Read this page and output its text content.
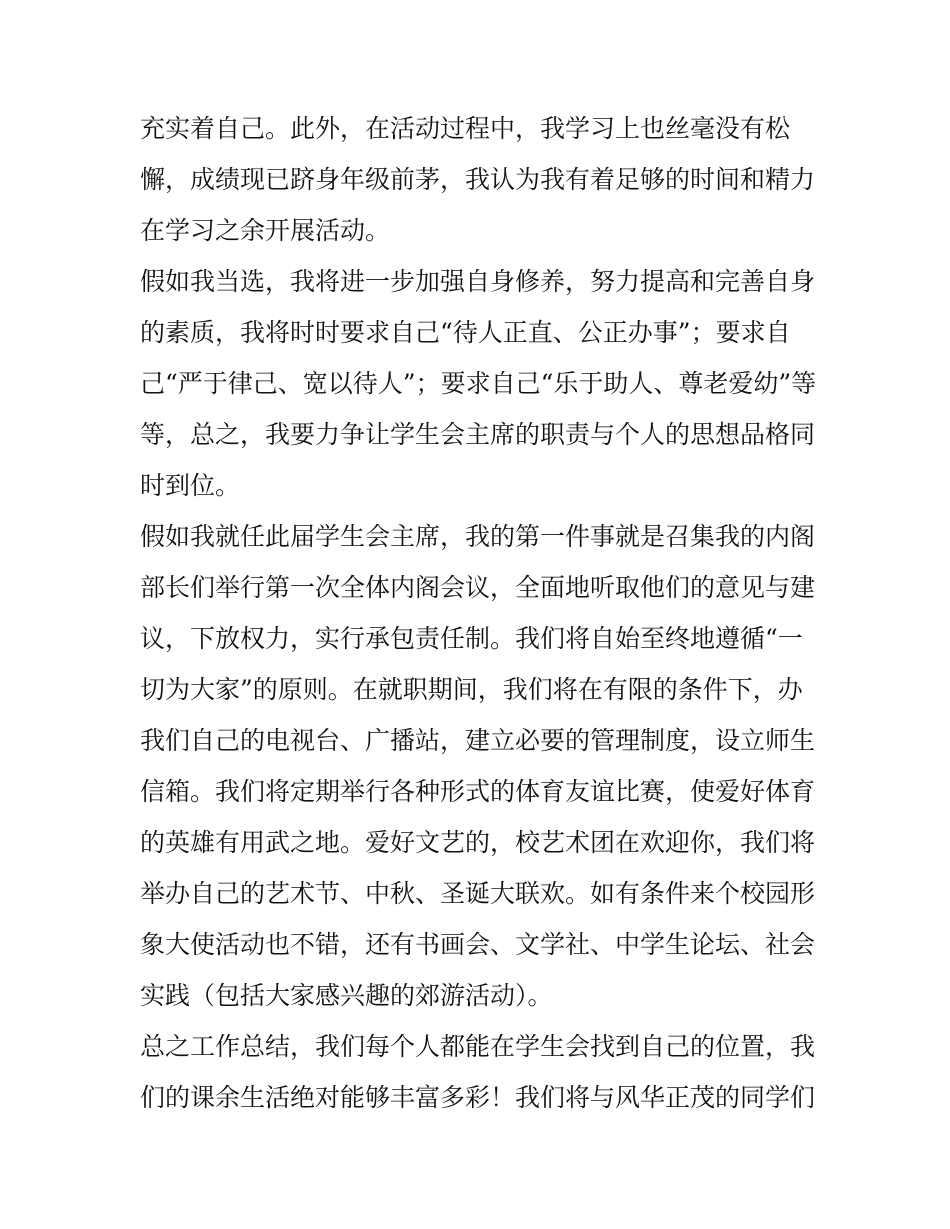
充实着自己。此外，在活动过程中，我学习上也丝毫没有松
懈，成绩现已跻身年级前茅，我认为我有着足够的时间和精力
在学习之余开展活动。
假如我当选，我将进一步加强自身修养，努力提高和完善自身
的素质，我将时时要求自己“待人正直、公正办事”；要求自
己“严于律己、宽以待人”；要求自己“乐于助人、尊老爱幼”等
等，总之，我要力争让学生会主席的职责与个人的思想品格同
时到位。
假如我就任此届学生会主席，我的第一件事就是召集我的内阁
部长们举行第一次全体内阁会议，全面地听取他们的意见与建
议，下放权力，实行承包责任制。我们将自始至终地遵循“一
切为大家”的原则。在就职期间，我们将在有限的条件下，办
我们自己的电视台、广播站，建立必要的管理制度，设立师生
信箱。我们将定期举行各种形式的体育友谊比赛，使爱好体育
的英雄有用武之地。爱好文艺的，校艺术团在欢迎你，我们将
举办自己的艺术节、中秋、圣诞大联欢。如有条件来个校园形
象大使活动也不错，还有书画会、文学社、中学生论坛、社会
实践（包括大家感兴趣的郊游活动）。
总之工作总结，我们每个人都能在学生会找到自己的位置，我
们的课余生活绝对能够丰富多彩！我们将与风华正茂的同学们
